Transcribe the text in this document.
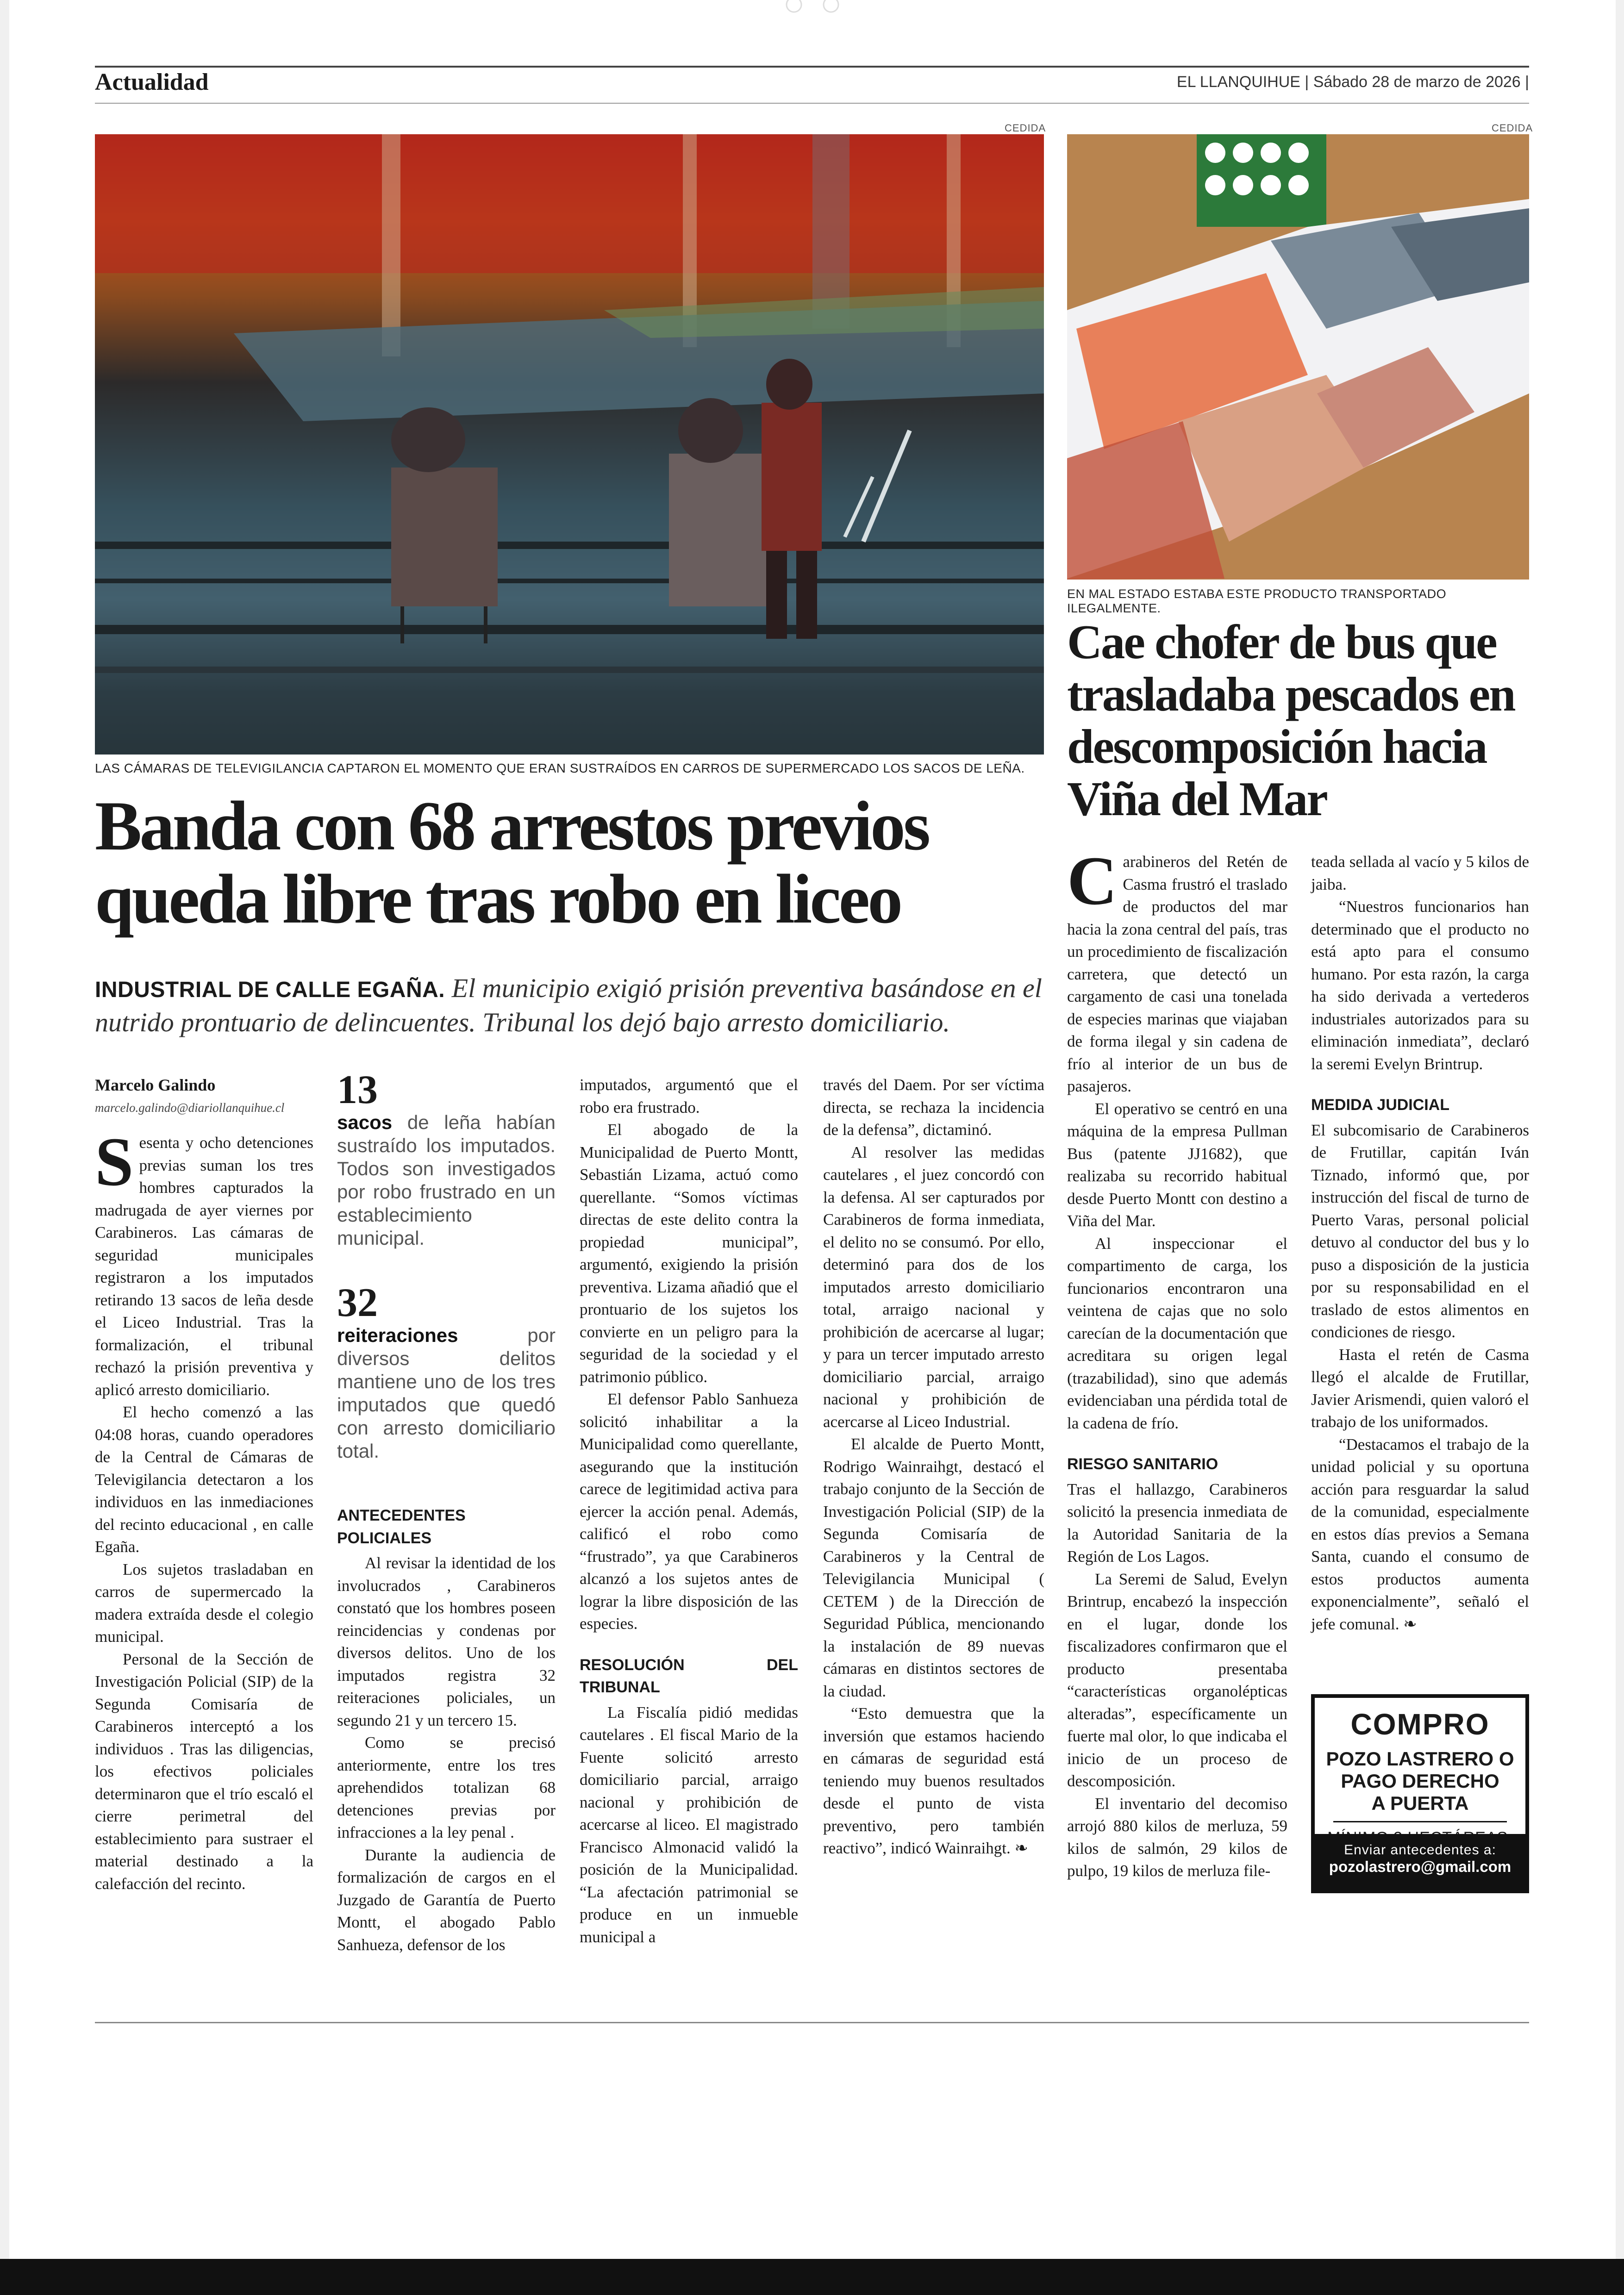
Actualidad	EL LLANQUIHUE | Sábado 28 de marzo de 2026 |
CEDIDA
LAS CÁMARAS DE TELEVIGILANCIA CAPTARON EL MOMENTO QUE ERAN SUSTRAÍDOS EN CARROS DE SUPERMERCADO LOS SACOS DE LEÑA.
CEDIDA
EN MAL ESTADO ESTABA ESTE PRODUCTO TRANSPORTADO ILEGALMENTE.
Banda con 68 arrestos previos
queda libre tras robo en liceo
INDUSTRIAL DE CALLE EGAÑA. El municipio exigió prisión preventiva basándose en el nutrido prontuario de delincuentes. Tribunal los dejó bajo arresto domiciliario.
Cae chofer de bus que trasladaba pescados en descomposición hacia Viña del Mar
Marcelo Galindo
marcelo.galindo@diariollanquihue.cl

Sesenta y ocho detenciones previas suman los tres hombres capturados la madrugada de ayer viernes por Carabineros. Las cámaras de seguridad municipales registraron a los imputados retirando 13 sacos de leña desde el Liceo Industrial. Tras la formalización, el tribunal rechazó la prisión preventiva y aplicó arresto domiciliario.

El hecho comenzó a las 04:08 horas, cuando operadores de la Central de Cámaras de Televigilancia detectaron a los individuos en las inmediaciones del recinto educacional , en calle Egaña.

Los sujetos trasladaban en carros de supermercado la madera extraída desde el colegio municipal.

Personal de la Sección de Investigación Policial (SIP) de la Segunda Comisaría de Carabineros interceptó a los individuos . Tras las diligencias, los efectivos policiales determinaron que el trío escaló el cierre perimetral del establecimiento para sustraer el material destinado a la calefacción del recinto.

13
sacos de leña habían sustraído los imputados. Todos son investigados por robo frustrado en un establecimiento municipal.
32
reiteraciones por diversos delitos mantiene uno de los tres imputados que quedó con arresto domiciliario total.
ANTECEDENTES POLICIALES

Al revisar la identidad de los involucrados , Carabineros constató que los hombres poseen reincidencias y condenas por diversos delitos. Uno de los imputados registra 32 reiteraciones policiales, un segundo 21 y un tercero 15.

Como se precisó anteriormente, entre los tres aprehendidos totalizan 68 detenciones previas por infracciones a la ley penal .

Durante la audiencia de formalización de cargos en el Juzgado de Garantía de Puerto Montt, el abogado Pablo Sanhueza, defensor de los

imputados, argumentó que el robo era frustrado.

El abogado de la Municipalidad de Puerto Montt, Sebastián Lizama, actuó como querellante. “Somos víctimas directas de este delito contra la propiedad municipal”, argumentó, exigiendo la prisión preventiva. Lizama añadió que el prontuario de los sujetos los convierte en un peligro para la seguridad de la sociedad y el patrimonio público.

El defensor Pablo Sanhueza solicitó inhabilitar a la Municipalidad como querellante, asegurando que la institución carece de legitimidad activa para ejercer la acción penal. Además, calificó el robo como “frustrado”, ya que Carabineros alcanzó a los sujetos antes de lograr la libre disposición de las especies.

RESOLUCIÓN DEL TRIBUNAL

La Fiscalía pidió medidas cautelares . El fiscal Mario de la Fuente solicitó arresto domiciliario parcial, arraigo nacional y prohibición de acercarse al liceo. El magistrado Francisco Almonacid validó la posición de la Municipalidad. “La afectación patrimonial se produce en un inmueble municipal a

través del Daem. Por ser víctima directa, se rechaza la incidencia de la defensa”, dictaminó.

Al resolver las medidas cautelares , el juez concordó con la defensa. Al ser capturados por Carabineros de forma inmediata, el delito no se consumó. Por ello, determinó para dos de los imputados arresto domiciliario total, arraigo nacional y prohibición de acercarse al lugar; y para un tercer imputado arresto domiciliario parcial, arraigo nacional y prohibición de acercarse al Liceo Industrial.

El alcalde de Puerto Montt, Rodrigo Wainraihgt, destacó el trabajo conjunto de la Sección de Investigación Policial (SIP) de la Segunda Comisaría de Carabineros y la Central de Televigilancia Municipal ( CETEM ) de la Dirección de Seguridad Pública, mencionando la instalación de 89 nuevas cámaras en distintos sectores de la ciudad.

“Esto demuestra que la inversión que estamos haciendo en cámaras de seguridad está teniendo muy buenos resultados desde el punto de vista preventivo, pero también reactivo”, indicó Wainraihgt. ❧

Carabineros del Retén de Casma frustró el traslado de productos del mar hacia la zona central del país, tras un procedimiento de fiscalización carretera, que detectó un cargamento de casi una tonelada de especies marinas que viajaban de forma ilegal y sin cadena de frío al interior de un bus de pasajeros.

El operativo se centró en una máquina de la empresa Pullman Bus (patente JJ1682), que realizaba su recorrido habitual desde Puerto Montt con destino a Viña del Mar.

Al inspeccionar el compartimento de carga, los funcionarios encontraron una veintena de cajas que no solo carecían de la documentación que acreditara su origen legal (trazabilidad), sino que además evidenciaban una pérdida total de la cadena de frío.

RIESGO SANITARIO

Tras el hallazgo, Carabineros solicitó la presencia inmediata de la Autoridad Sanitaria de la Región de Los Lagos.

La Seremi de Salud, Evelyn Brintrup, encabezó la inspección en el lugar, donde los fiscalizadores confirmaron que el producto presentaba “características organolépticas alteradas”, específicamente un fuerte mal olor, lo que indicaba el inicio de un proceso de descomposición.

El inventario del decomiso arrojó 880 kilos de merluza, 59 kilos de salmón, 29 kilos de pulpo, 19 kilos de merluza file-

teada sellada al vacío y 5 kilos de jaiba.

“Nuestros funcionarios han determinado que el producto no está apto para el consumo humano. Por esta razón, la carga ha sido derivada a vertederos industriales autorizados para su eliminación inmediata”, declaró la seremi Evelyn Brintrup.

MEDIDA JUDICIAL

El subcomisario de Carabineros de Frutillar, capitán Iván Tiznado, informó que, por instrucción del fiscal de turno de Puerto Varas, personal policial detuvo al conductor del bus y lo puso a disposición de la justicia por su responsabilidad en el traslado de estos alimentos en condiciones de riesgo.

Hasta el retén de Casma llegó el alcalde de Frutillar, Javier Arismendi, quien valoró el trabajo de los uniformados.

“Destacamos el trabajo de la unidad policial y su oportuna acción para resguardar la salud de la comunidad, especialmente en estos días previos a Semana Santa, cuando el consumo de estos productos aumenta exponencialmente”, señaló el jefe comunal. ❧

COMPRO
POZO LASTRERO O
PAGO DERECHO
A PUERTA
Enviar antecedentes a:
pozolastrero@gmail.com
